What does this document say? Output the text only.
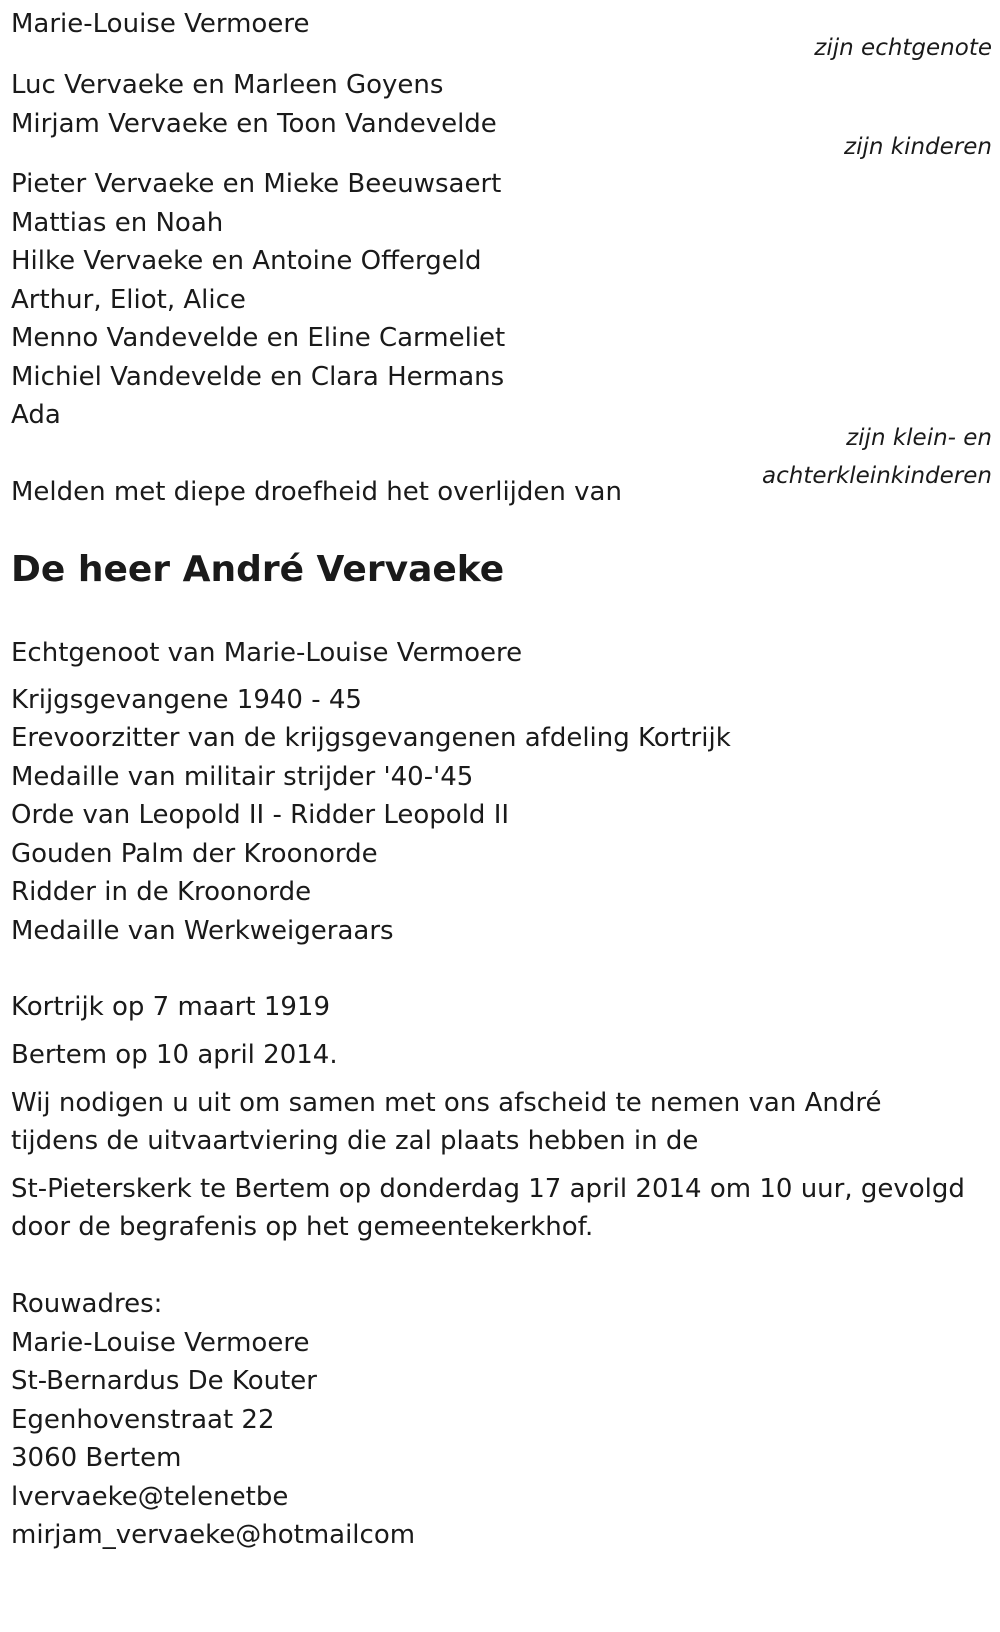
Marie-Louise Vermoere
zijn echtgenote
Luc Vervaeke en Marleen Goyens
Mirjam Vervaeke en Toon Vandevelde
zijn kinderen
Pieter Vervaeke en Mieke Beeuwsaert
Mattias en Noah
Hilke Vervaeke en Antoine Offergeld
Arthur, Eliot, Alice
Menno Vandevelde en Eline Carmeliet
Michiel Vandevelde en Clara Hermans
Ada
zijn klein- en
achterkleinkinderen
Melden met diepe droefheid het overlijden van
De heer André Vervaeke
Echtgenoot van Marie-Louise Vermoere
Krijgsgevangene 1940 - 45
Erevoorzitter van de krijgsgevangenen afdeling Kortrijk
Medaille van militair strijder '40-'45
Orde van Leopold II - Ridder Leopold II
Gouden Palm der Kroonorde
Ridder in de Kroonorde
Medaille van Werkweigeraars
Kortrijk op 7 maart 1919
Bertem op 10 april 2014.
Wij nodigen u uit om samen met ons afscheid te nemen van André
tijdens de uitvaartviering die zal plaats hebben in de
St-Pieterskerk te Bertem op donderdag 17 april 2014 om 10 uur, gevolgd
door de begrafenis op het gemeentekerkhof.
Rouwadres:
Marie-Louise Vermoere
St-Bernardus De Kouter
Egenhovenstraat 22
3060 Bertem
lvervaeke@telenetbe
mirjam_vervaeke@hotmailcom
